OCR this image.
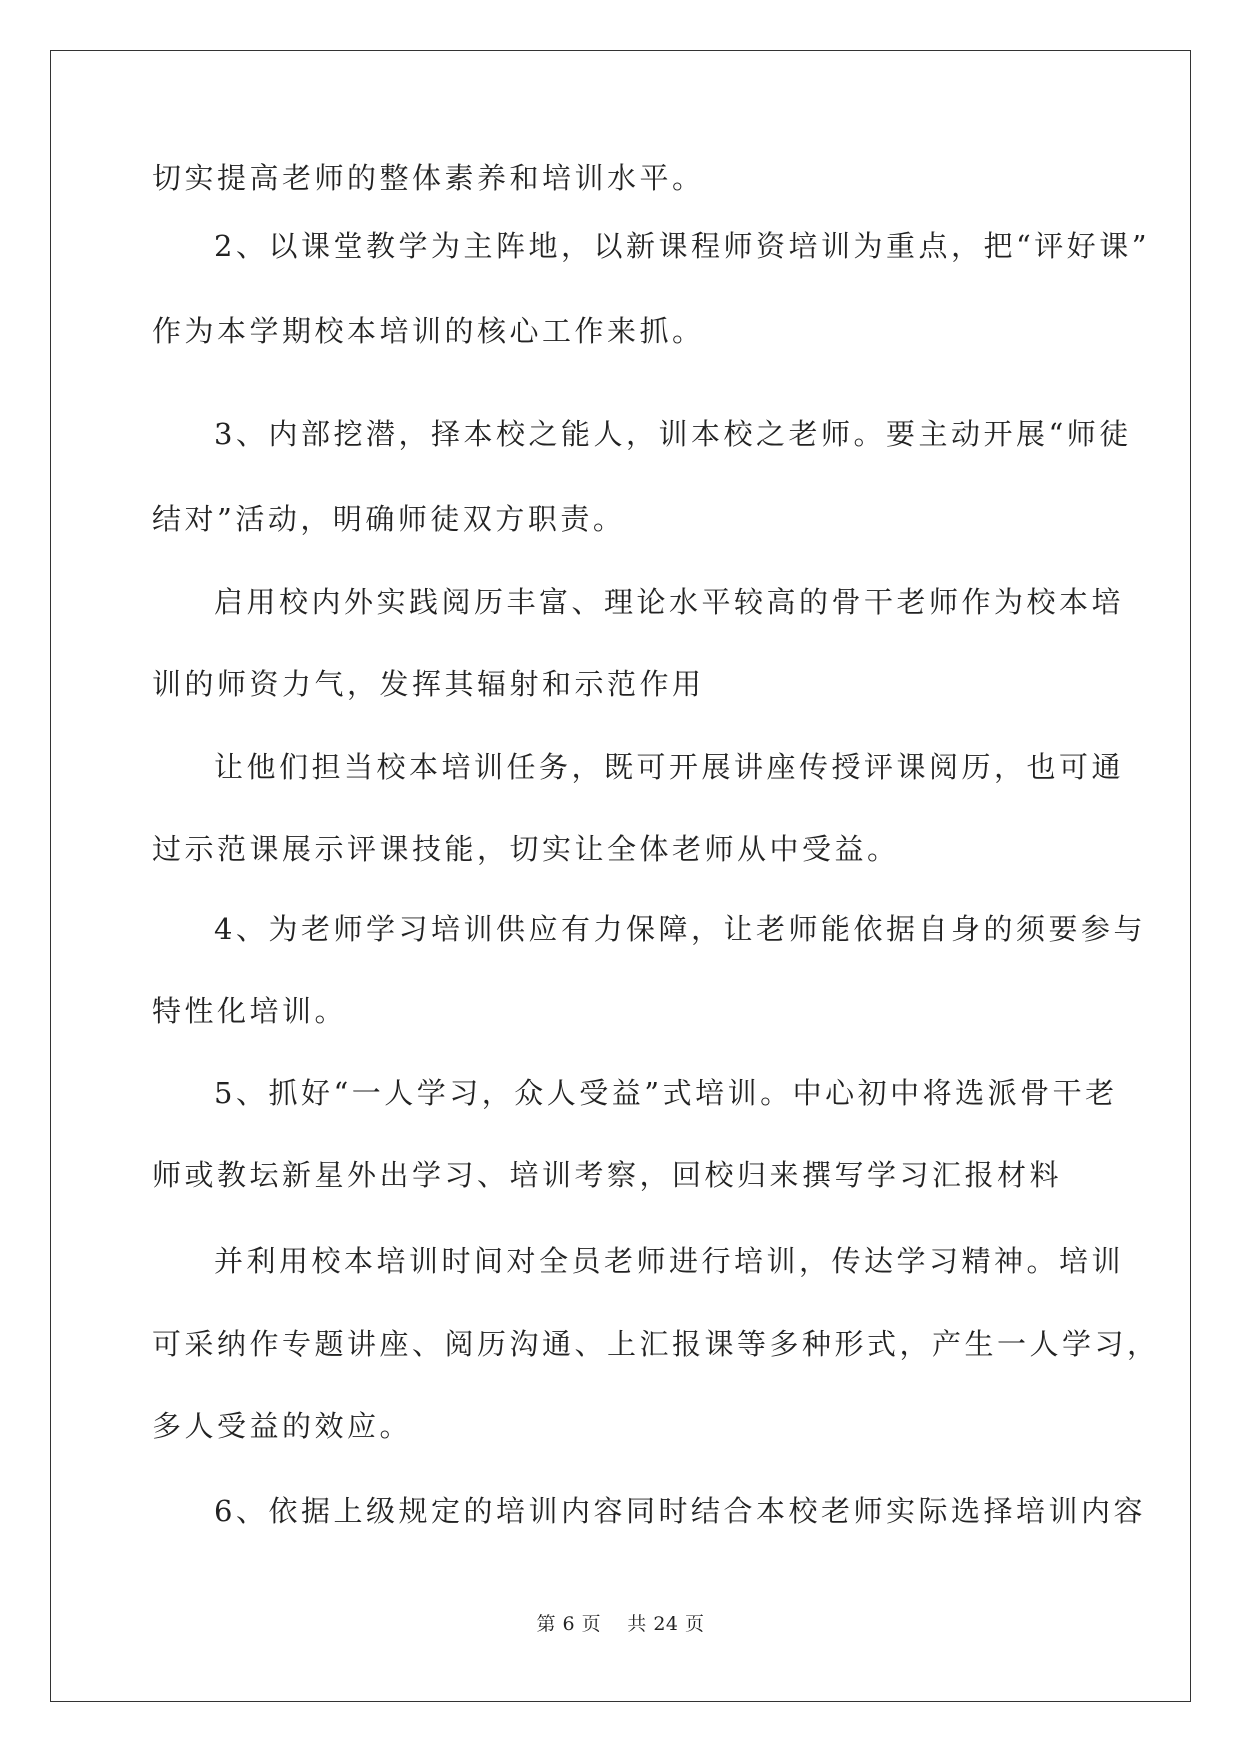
切实提高老师的整体素养和培训水平。
2、以课堂教学为主阵地，以新课程师资培训为重点，把“评好课”
作为本学期校本培训的核心工作来抓。
3、内部挖潜，择本校之能人，训本校之老师。要主动开展“师徒
结对”活动，明确师徒双方职责。
启用校内外实践阅历丰富、理论水平较高的骨干老师作为校本培
训的师资力气，发挥其辐射和示范作用
让他们担当校本培训任务，既可开展讲座传授评课阅历，也可通
过示范课展示评课技能，切实让全体老师从中受益。
4、为老师学习培训供应有力保障，让老师能依据自身的须要参与
特性化培训。
5、抓好“一人学习，众人受益”式培训。中心初中将选派骨干老
师或教坛新星外出学习、培训考察，回校归来撰写学习汇报材料
并利用校本培训时间对全员老师进行培训，传达学习精神。培训
可采纳作专题讲座、阅历沟通、上汇报课等多种形式，产生一人学习，
多人受益的效应。
6、依据上级规定的培训内容同时结合本校老师实际选择培训内容
第 6 页 共 24 页
